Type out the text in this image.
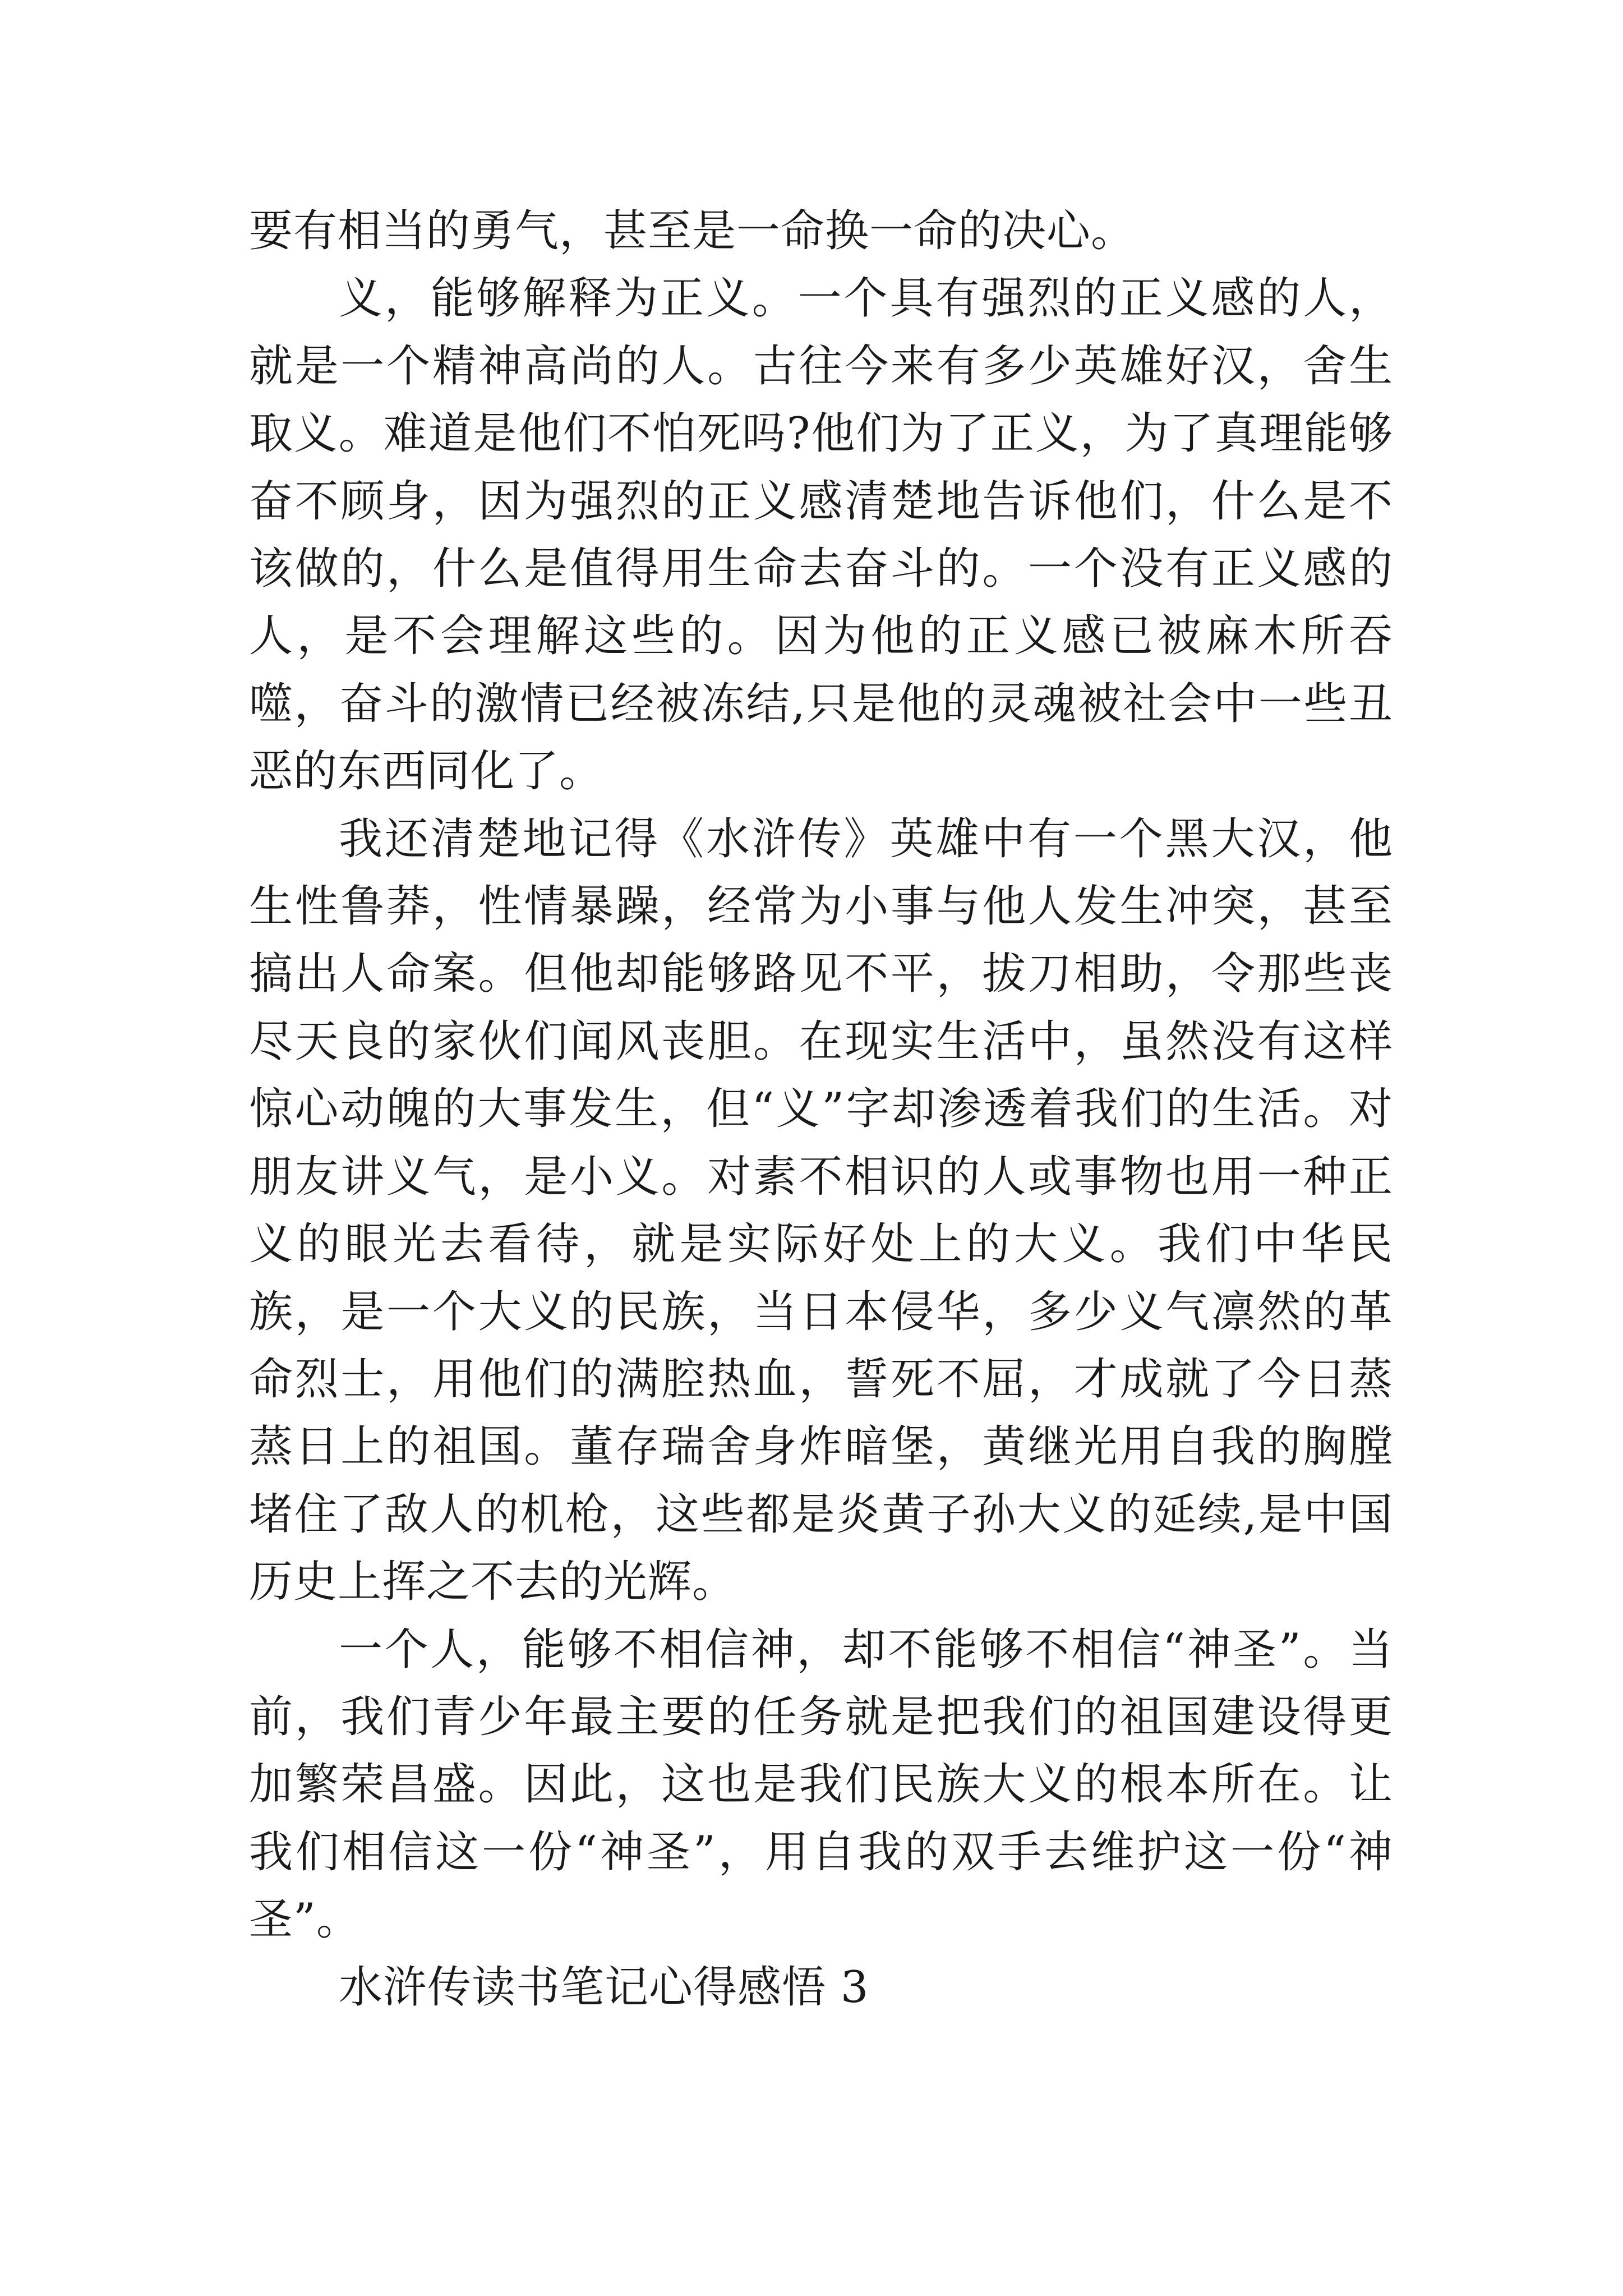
要有相当的勇气，甚至是一命换一命的决心。

义，能够解释为正义。一个具有强烈的正义感的人，就是一个精神高尚的人。古往今来有多少英雄好汉，舍生取义。难道是他们不怕死吗?他们为了正义，为了真理能够奋不顾身，因为强烈的正义感清楚地告诉他们，什么是不该做的，什么是值得用生命去奋斗的。一个没有正义感的人，是不会理解这些的。因为他的正义感已被麻木所吞噬，奋斗的激情已经被冻结,只是他的灵魂被社会中一些丑恶的东西同化了。

我还清楚地记得《水浒传》英雄中有一个黑大汉，他生性鲁莽，性情暴躁，经常为小事与他人发生冲突，甚至搞出人命案。但他却能够路见不平，拔刀相助，令那些丧尽天良的家伙们闻风丧胆。在现实生活中，虽然没有这样惊心动魄的大事发生，但“义”字却渗透着我们的生活。对朋友讲义气，是小义。对素不相识的人或事物也用一种正义的眼光去看待，就是实际好处上的大义。我们中华民族，是一个大义的民族，当日本侵华，多少义气凛然的革命烈士，用他们的满腔热血，誓死不屈，才成就了今日蒸蒸日上的祖国。董存瑞舍身炸暗堡，黄继光用自我的胸膛堵住了敌人的机枪，这些都是炎黄子孙大义的延续,是中国历史上挥之不去的光辉。

一个人，能够不相信神，却不能够不相信“神圣”。当前，我们青少年最主要的任务就是把我们的祖国建设得更加繁荣昌盛。因此，这也是我们民族大义的根本所在。让我们相信这一份“神圣”，用自我的双手去维护这一份“神圣”。

水浒传读书笔记心得感悟 3
